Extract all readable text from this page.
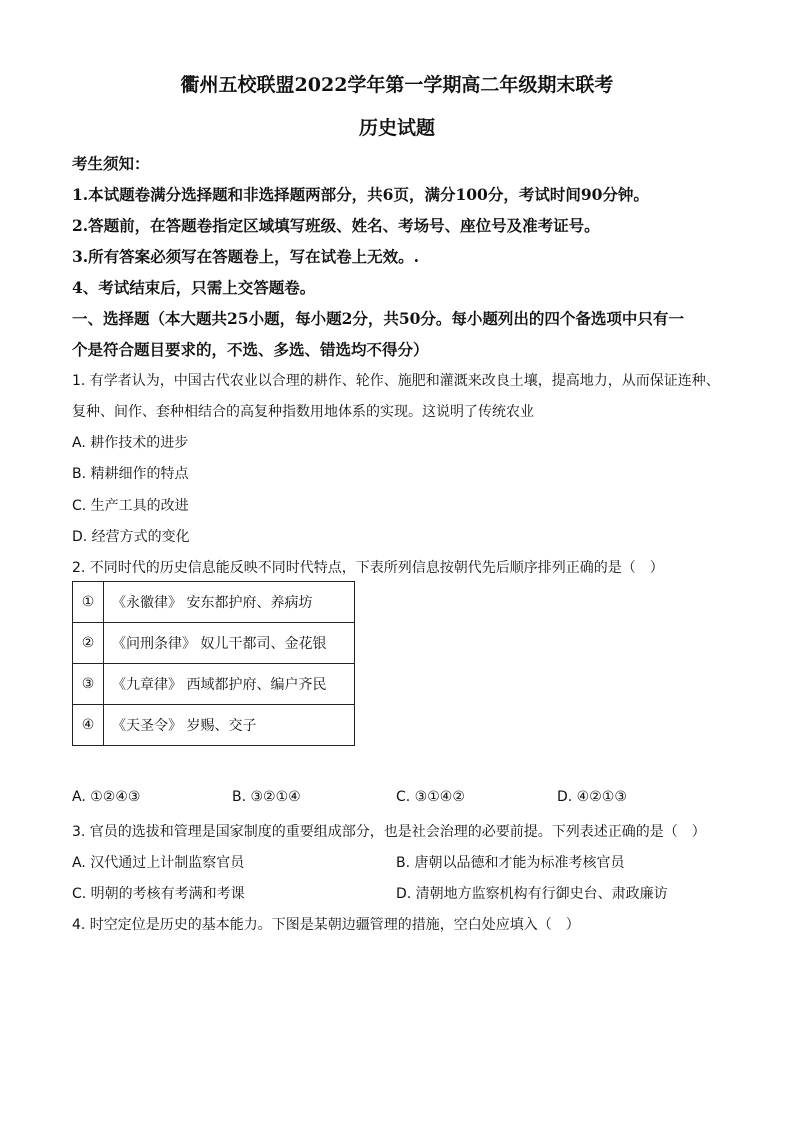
衢州五校联盟2022学年第一学期高二年级期末联考
历史试题
考生须知：
1.本试题卷满分选择题和非选择题两部分，共6页，满分100分，考试时间90分钟。
2.答题前，在答题卷指定区域填写班级、姓名、考场号、座位号及准考证号。
3.所有答案必须写在答题卷上，写在试卷上无效。.
4、考试结束后，只需上交答题卷。
一、选择题（本大题共25小题，每小题2分，共50分。每小题列出的四个备选项中只有一
个是符合题目要求的，不选、多选、错选均不得分）
1. 有学者认为，中国古代农业以合理的耕作、轮作、施肥和灌溉来改良土壤，提高地力，从而保证连种、
复种、间作、套种相结合的高复种指数用地体系的实现。这说明了传统农业
A. 耕作技术的进步
B. 精耕细作的特点
C. 生产工具的改进
D. 经营方式的变化
2. 不同时代的历史信息能反映不同时代特点，下表所列信息按朝代先后顺序排列正确的是（　）
①	《永徽律》 安东都护府、养病坊
②	《问刑条律》 奴儿干都司、金花银
③	《九章律》 西域都护府、编户齐民
④	《天圣令》 岁赐、交子
A. ①②④③	B. ③②①④	C. ③①④②	D. ④②①③
3. 官员的选拔和管理是国家制度的重要组成部分，也是社会治理的必要前提。下列表述正确的是（　）
A. 汉代通过上计制监察官员	B. 唐朝以品德和才能为标准考核官员
C. 明朝的考核有考满和考课	D. 清朝地方监察机构有行御史台、肃政廉访
4. 时空定位是历史的基本能力。下图是某朝边疆管理的措施，空白处应填入（　）
